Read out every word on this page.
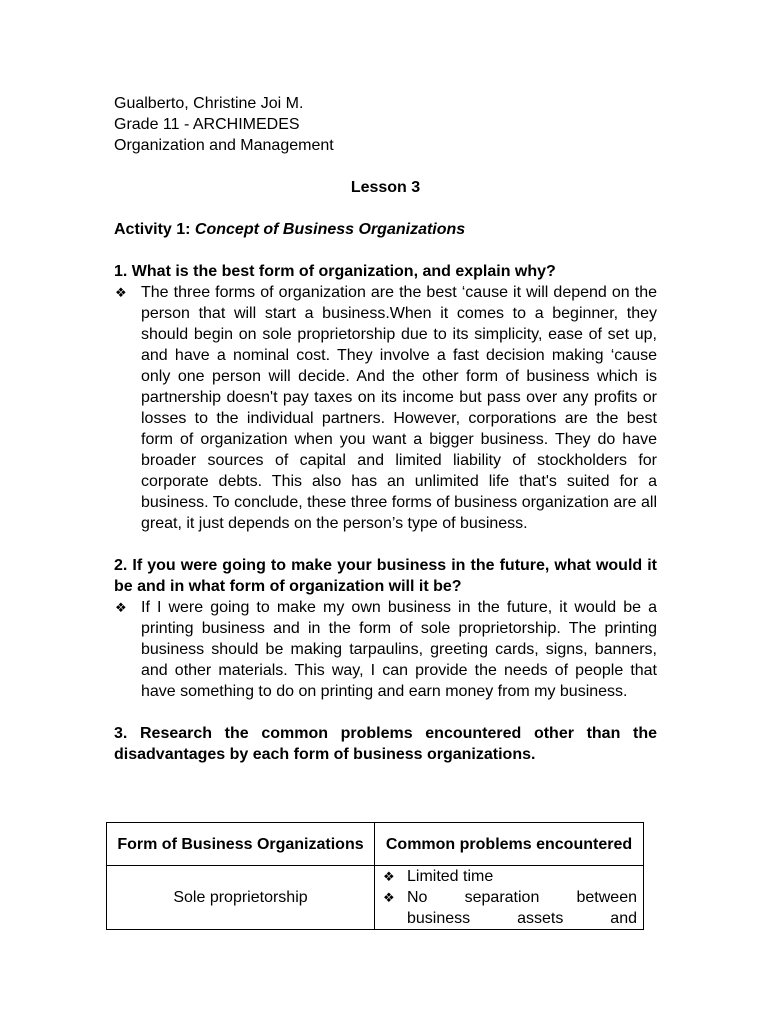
Gualberto, Christine Joi M.
Grade 11 - ARCHIMEDES
Organization and Management
Lesson 3
Activity 1: Concept of Business Organizations
1. What is the best form of organization, and explain why?
❖ The three forms of organization are the best ‘cause it will depend on the person that will start a business.When it comes to a beginner, they should begin on sole proprietorship due to its simplicity, ease of set up, and have a nominal cost. They involve a fast decision making ‘cause only one person will decide. And the other form of business which is partnership doesn't pay taxes on its income but pass over any profits or losses to the individual partners. However, corporations are the best form of organization when you want a bigger business. They do have broader sources of capital and limited liability of stockholders for corporate debts. This also has an unlimited life that's suited for a business. To conclude, these three forms of business organization are all great, it just depends on the person’s type of business.

2. If you were going to make your business in the future, what would it be and in what form of organization will it be?
❖ If I were going to make my own business in the future, it would be a printing business and in the form of sole proprietorship. The printing business should be making tarpaulins, greeting cards, signs, banners, and other materials. This way, I can provide the needs of people that have something to do on printing and earn money from my business.

3. Research the common problems encountered other than the disadvantages by each form of business organizations.
Form of Business Organizations	Common problems encountered
Sole proprietorship	❖ Limited time
❖ No separation between business assets and
